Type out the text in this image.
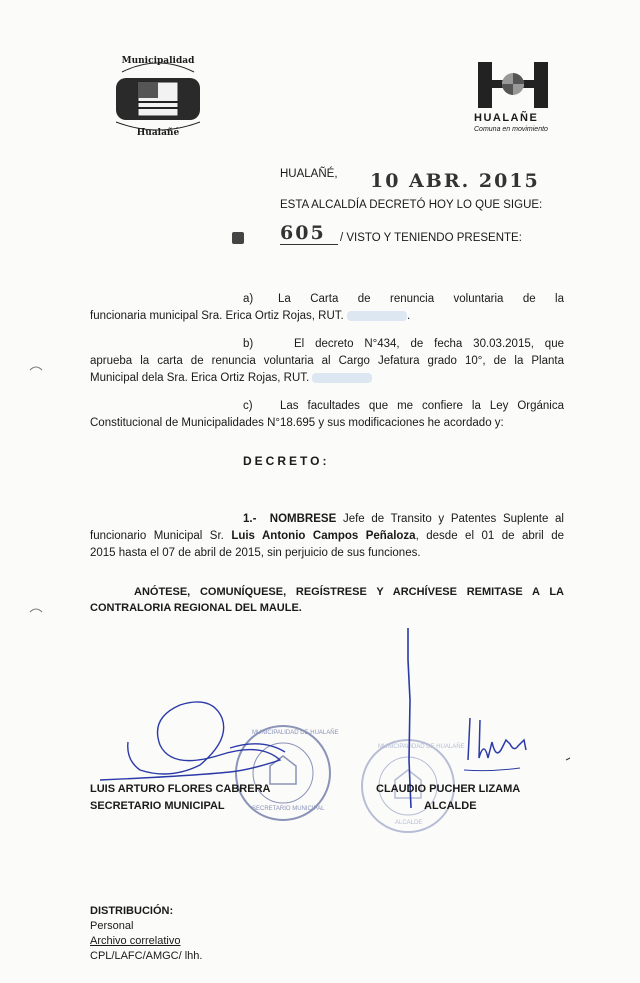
Municipalidad
Hualañé
HUALAÑE
Comuna en movimiento
HUALAÑÉ, 10 ABR. 2015
ESTA ALCALDÍA DECRETÓ HOY LO QUE SIGUE:
605	/ VISTO Y TENIENDO PRESENTE:
a) La Carta de renuncia voluntaria de la
funcionaria municipal Sra. Erica Ortiz Rojas, RUT.	.
b)	El decreto N°434, de fecha 30.03.2015, que
aprueba la carta de renuncia voluntaria al Cargo Jefatura grado 10°, de la Planta
Municipal dela Sra. Erica Ortiz Rojas, RUT.
c) Las facultades que me confiere la Ley Orgánica
Constitucional de Municipalidades N°18.695 y sus modificaciones he acordado y:
DECRETO:
1.- NOMBRESE Jefe de Transito y Patentes Suplente al
funcionario Municipal Sr. Luis Antonio Campos Peñaloza, desde el 01 de abril de
2015 hasta el 07 de abril de 2015, sin perjuicio de sus funciones.
ANÓTESE, COMUNÍQUESE, REGÍSTRESE Y ARCHÍVESE REMITASE A LA
CONTRALORIA REGIONAL DEL MAULE.
MUNICIPALIDAD DE HUALAÑE
SECRETARIO MUNICIPAL
MUNICIPALIDAD DE HUALAÑE
ALCALDE
LUIS ARTURO FLORES CABRERA
SECRETARIO MUNICIPAL
CLAUDIO PUCHER LIZAMA
ALCALDE
DISTRIBUCIÓN:
Personal
Archivo correlativo
CPL/LAFC/AMGC/ lhh.
